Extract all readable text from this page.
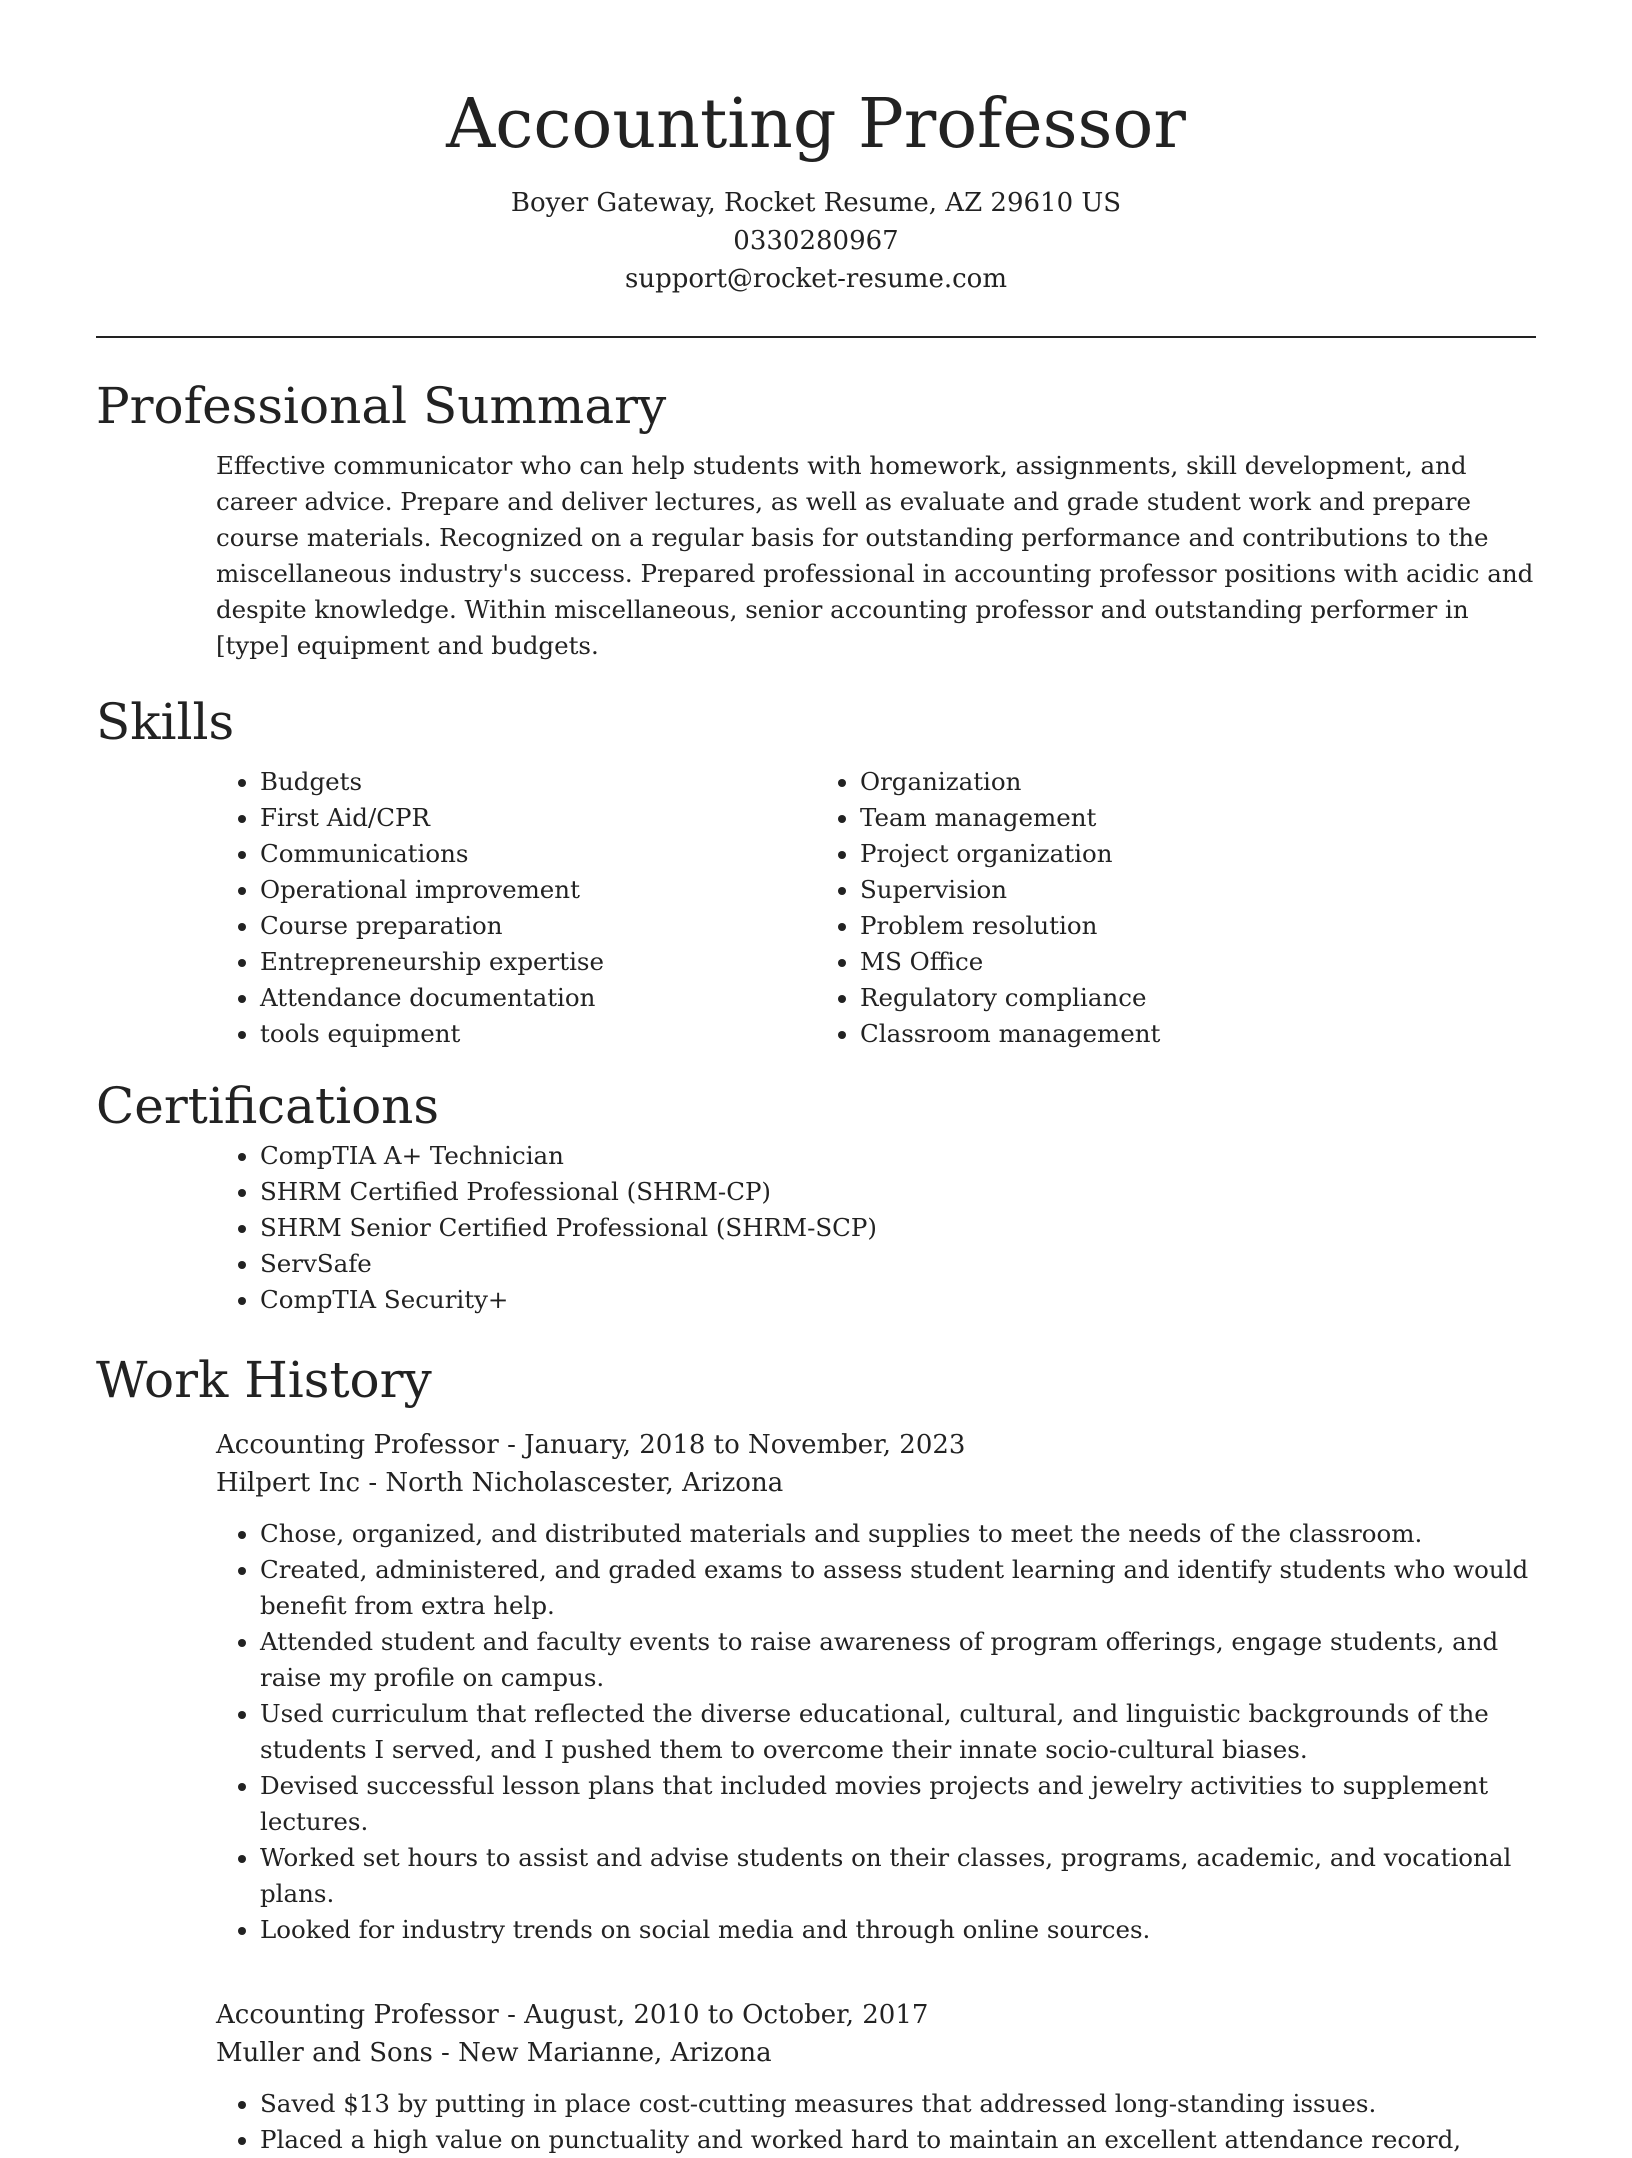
Accounting Professor
Boyer Gateway, Rocket Resume, AZ 29610 US
0330280967
support@rocket-resume.com
Professional Summary

Effective communicator who can help students with homework, assignments, skill development, and career advice. Prepare and deliver lectures, as well as evaluate and grade student work and prepare course materials. Recognized on a regular basis for outstanding performance and contributions to the miscellaneous industry's success. Prepared professional in accounting professor positions with acidic and despite knowledge. Within miscellaneous, senior accounting professor and outstanding performer in [type] equipment and budgets.

Skills
• Budgets
• First Aid/CPR
• Communications
• Operational improvement
• Course preparation
• Entrepreneurship expertise
• Attendance documentation
• tools equipment
• Organization
• Team management
• Project organization
• Supervision
• Problem resolution
• MS Office
• Regulatory compliance
• Classroom management
Certifications
• CompTIA A+ Technician
• SHRM Certified Professional (SHRM-CP)
• SHRM Senior Certified Professional (SHRM-SCP)
• ServSafe
• CompTIA Security+
Work History
Accounting Professor - January, 2018 to November, 2023
Hilpert Inc - North Nicholascester, Arizona
• Chose, organized, and distributed materials and supplies to meet the needs of the classroom.
• Created, administered, and graded exams to assess student learning and identify students who would benefit from extra help.
• Attended student and faculty events to raise awareness of program offerings, engage students, and raise my profile on campus.
• Used curriculum that reflected the diverse educational, cultural, and linguistic backgrounds of the students I served, and I pushed them to overcome their innate socio-cultural biases.
• Devised successful lesson plans that included movies projects and jewelry activities to supplement lectures.
• Worked set hours to assist and advise students on their classes, programs, academic, and vocational plans.
• Looked for industry trends on social media and through online sources.
Accounting Professor - August, 2010 to October, 2017
Muller and Sons - New Marianne, Arizona
• Saved $13 by putting in place cost-cutting measures that addressed long-standing issues.
• Placed a high value on punctuality and worked hard to maintain an excellent attendance record,
